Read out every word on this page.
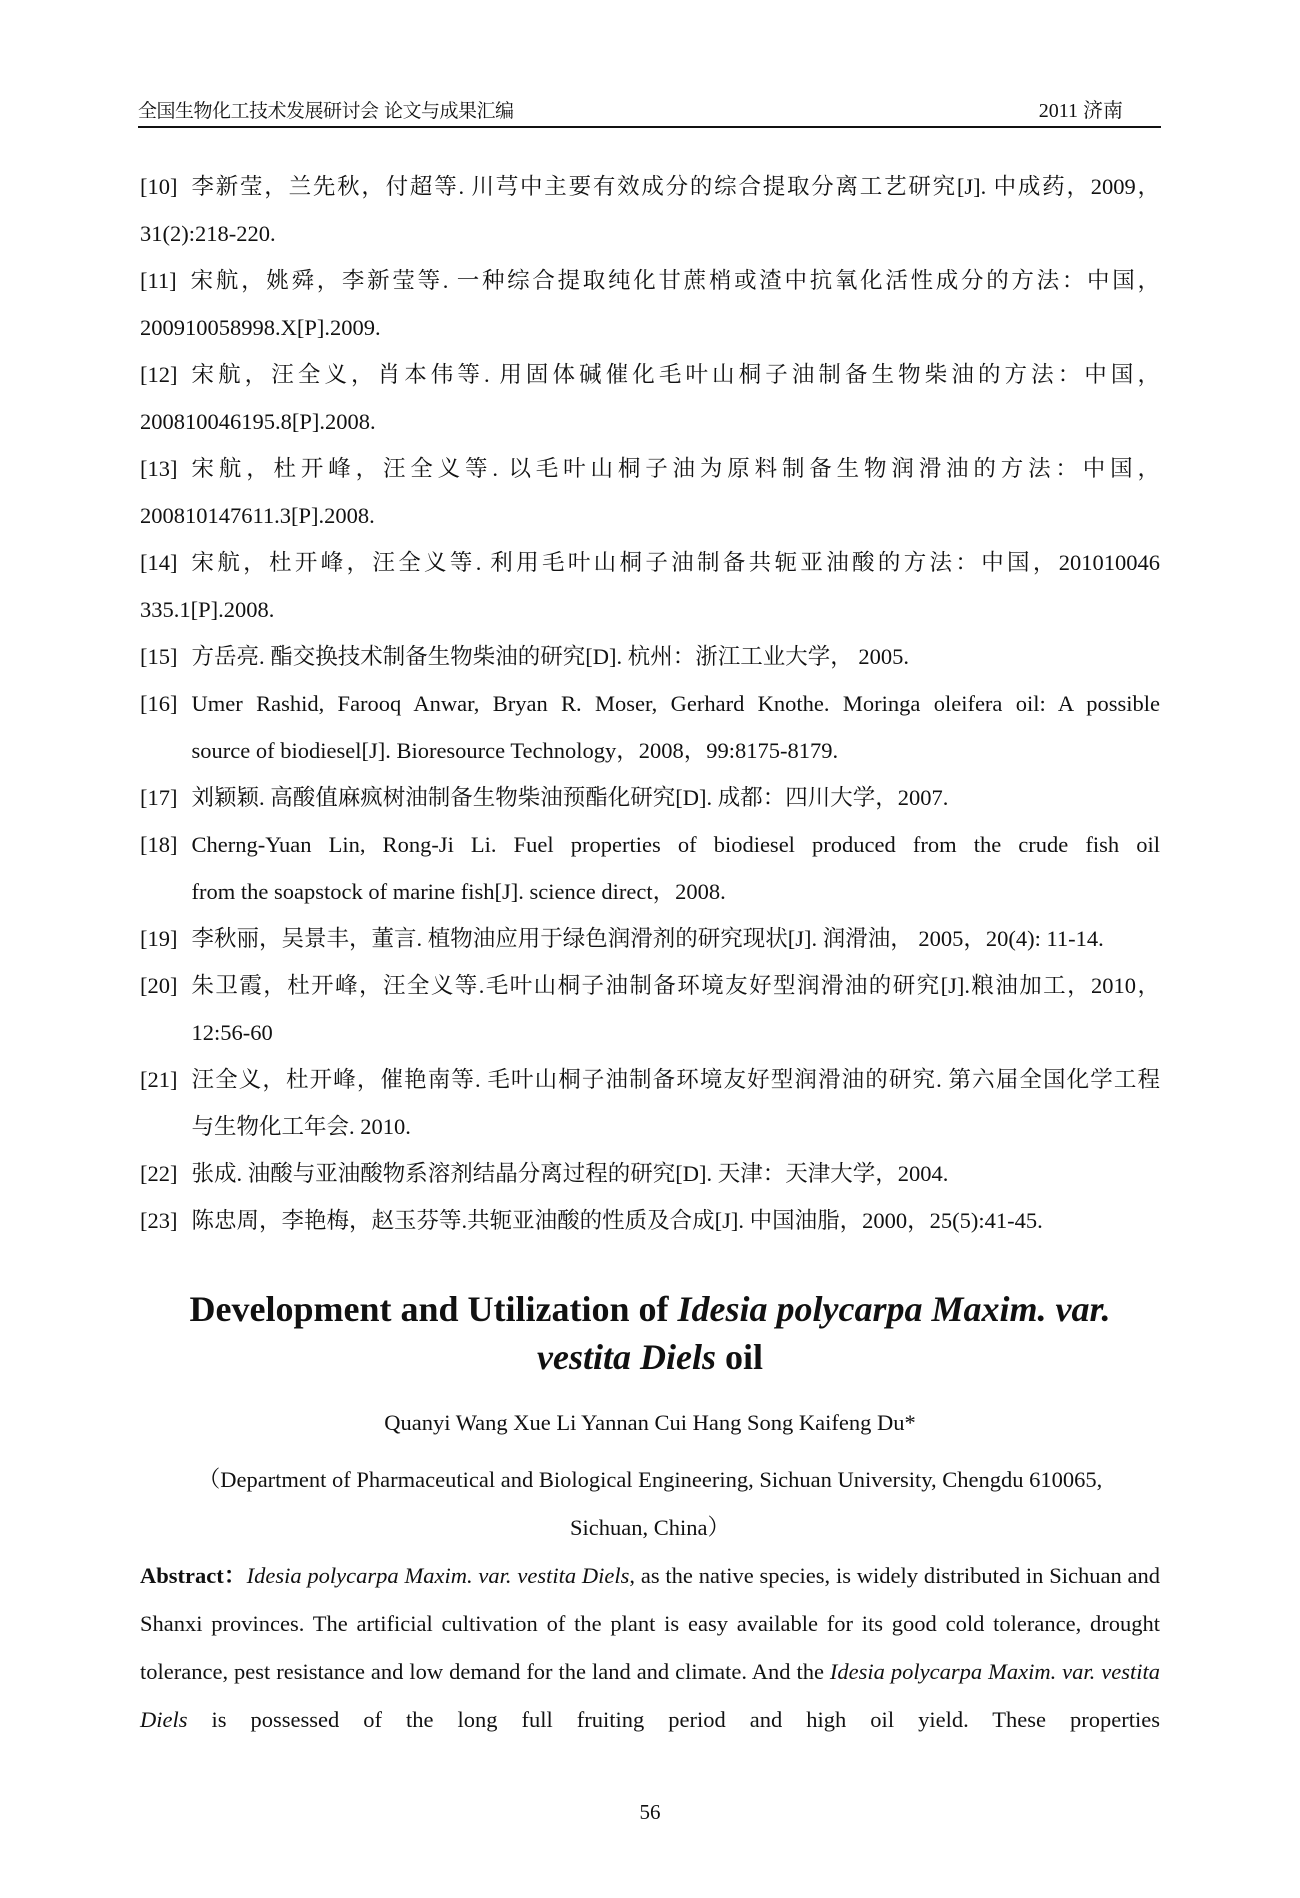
全国生物化工技术发展研讨会 论文与成果汇编	2011 济南
[10] 李新莹，兰先秋，付超等. 川芎中主要有效成分的综合提取分离工艺研究[J]. 中成药，2009，
31(2):218-220.
[11] 宋航，姚舜，李新莹等. 一种综合提取纯化甘蔗梢或渣中抗氧化活性成分的方法：中国，
200910058998.X[P].2009.
[12] 宋航，汪全义，肖本伟等. 用固体碱催化毛叶山桐子油制备生物柴油的方法：中国，
200810046195.8[P].2008.
[13] 宋航，杜开峰，汪全义等. 以毛叶山桐子油为原料制备生物润滑油的方法：中国，
200810147611.3[P].2008.
[14] 宋航，杜开峰，汪全义等. 利用毛叶山桐子油制备共轭亚油酸的方法：中国，201010046
335.1[P].2008.
[15] 方岳亮. 酯交换技术制备生物柴油的研究[D]. 杭州：浙江工业大学， 2005.
[16] Umer Rashid, Farooq Anwar, Bryan R. Moser, Gerhard Knothe. Moringa oleifera oil: A possible
source of biodiesel[J]. Bioresource Technology，2008，99:8175-8179.
[17] 刘颖颖. 高酸值麻疯树油制备生物柴油预酯化研究[D]. 成都：四川大学，2007.
[18] Cherng-Yuan Lin, Rong-Ji Li. Fuel properties of biodiesel produced from the crude fish oil
from the soapstock of marine fish[J]. science direct，2008.
[19] 李秋丽，吴景丰，董言. 植物油应用于绿色润滑剂的研究现状[J]. 润滑油， 2005，20(4): 11-14.
[20] 朱卫霞，杜开峰，汪全义等.毛叶山桐子油制备环境友好型润滑油的研究[J].粮油加工，2010，
12:56-60
[21] 汪全义，杜开峰，催艳南等. 毛叶山桐子油制备环境友好型润滑油的研究. 第六届全国化学工程
与生物化工年会. 2010.
[22] 张成. 油酸与亚油酸物系溶剂结晶分离过程的研究[D]. 天津：天津大学，2004.
[23] 陈忠周，李艳梅，赵玉芬等.共轭亚油酸的性质及合成[J]. 中国油脂，2000，25(5):41-45.
Development and Utilization of Idesia polycarpa Maxim. var.
vestita Diels oil
Quanyi Wang Xue Li Yannan Cui Hang Song Kaifeng Du*
（Department of Pharmaceutical and Biological Engineering, Sichuan University, Chengdu 610065,
Sichuan, China）
Abstract：Idesia polycarpa Maxim. var. vestita Diels, as the native species, is widely distributed in Sichuan and Shanxi provinces. The artificial cultivation of the plant is easy available for its good cold tolerance, drought tolerance, pest resistance and low demand for the land and climate. And the Idesia polycarpa Maxim. var. vestita Diels is possessed of the long full fruiting period and high oil yield. These properties
56
